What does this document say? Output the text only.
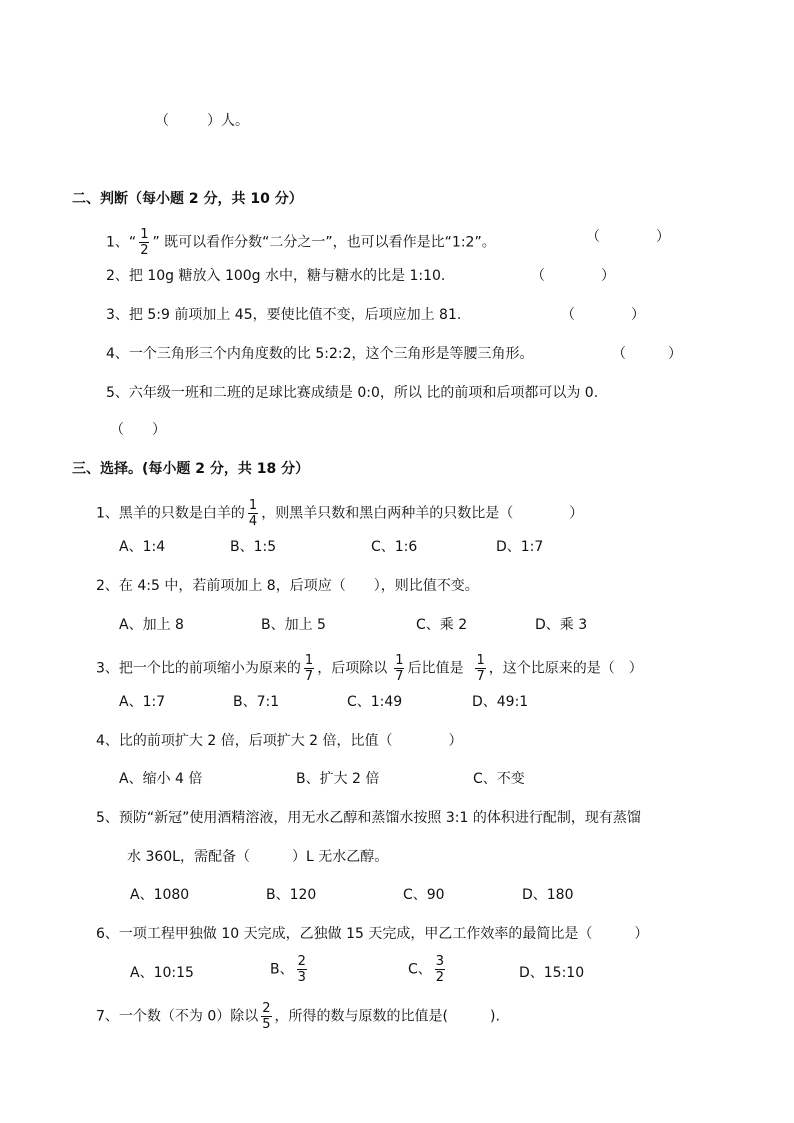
（	）人。
二、判断（每小题 2 分，共 10 分）
1、“ $\frac{1}{2}$ ” 既可以看作分数“二分之一”，也可以看作是比“1:2”。	（　　　　）
2、把 10g 糖放入 100g 水中，糖与糖水的比是 1:10.	（　　　　）
3、把 5:9 前项加上 45，要使比值不变，后项应加上 81.	（　　　　）
4、一个三角形三个内角度数的比 5:2:2，这个三角形是等腰三角形。	（　　　）
5、六年级一班和二班的足球比赛成绩是 0:0，所以 比的前项和后项都可以为 0.
（　　）
三、选择。(每小题 2 分，共 18 分）
1、黑羊的只数是白羊的 $\frac{1}{4}$ ，则黑羊只数和黑白两种羊的只数比是（　　　　）
A、1:4	B、1:5	C、1:6	D、1:7
2、在 4:5 中，若前项加上 8，后项应（　　），则比值不变。
A、加上 8	B、加上 5	C、乘 2	D、乘 3
3、把一个比的前项缩小为原来的 $\frac{1}{7}$ ，后项除以 $\frac{1}{7}$ 后比值是 $\frac{1}{7}$ ，这个比原来的是（　）
A、1:7	B、7:1	C、1:49	D、49:1
4、比的前项扩大 2 倍，后项扩大 2 倍，比值（　　　　）
A、缩小 4 倍	B、扩大 2 倍	C、不变
5、预防“新冠”使用酒精溶液，用无水乙醇和蒸馏水按照 3:1 的体积进行配制，现有蒸馏
水 360L，需配备（　　　）L 无水乙醇。
A、1080	B、120	C、90	D、180
6、一项工程甲独做 10 天完成，乙独做 15 天完成，甲乙工作效率的最简比是（　　　）
A、10:15	B、 $\frac{2}{3}$	C、 $\frac{3}{2}$	D、15:10
7、一个数（不为 0）除以 $\frac{2}{5}$ ，所得的数与原数的比值是(　　　).
